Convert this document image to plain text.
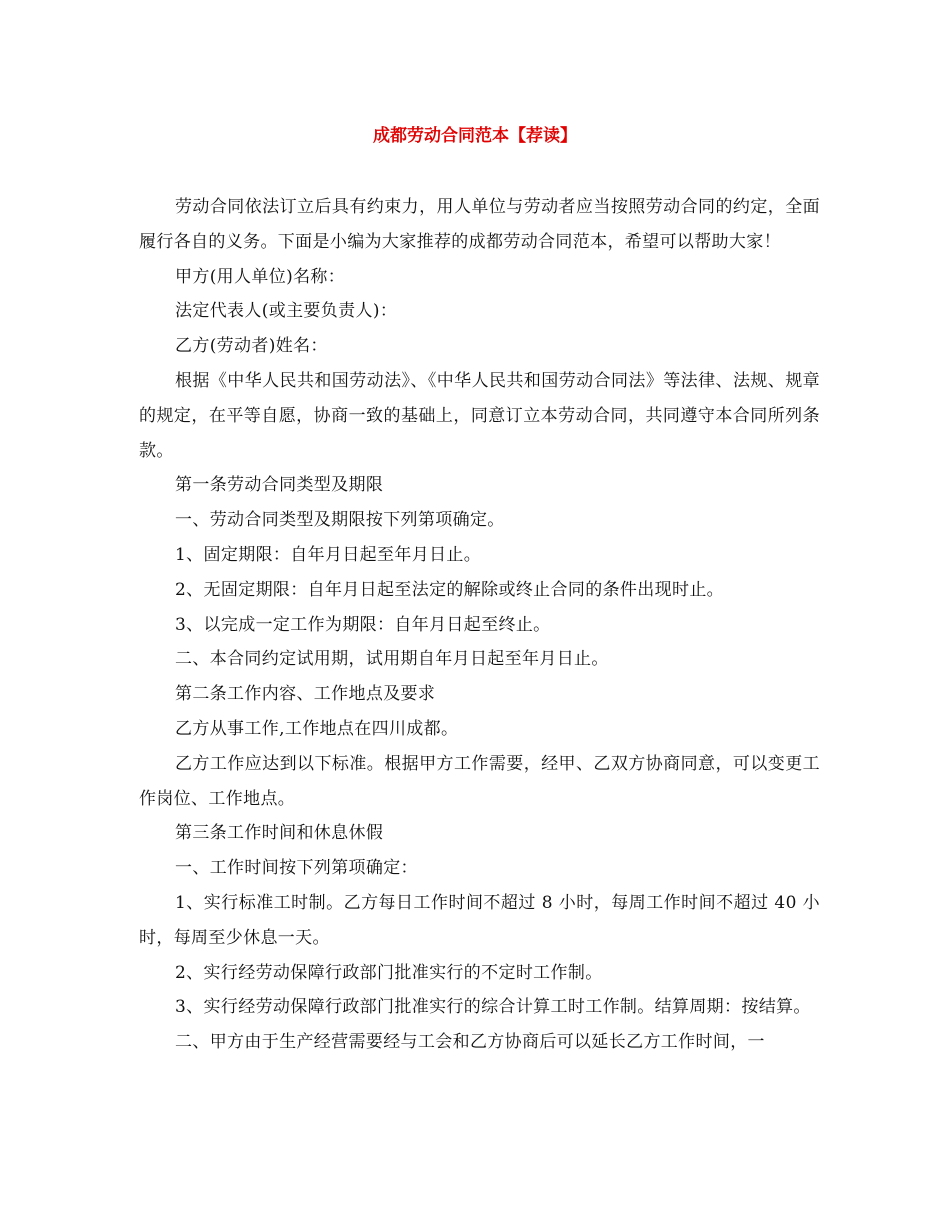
成都劳动合同范本【荐读】

劳动合同依法订立后具有约束力，用人单位与劳动者应当按照劳动合同的约定，全面履行各自的义务。下面是小编为大家推荐的成都劳动合同范本，希望可以帮助大家！

甲方(用人单位)名称：

法定代表人(或主要负责人)：

乙方(劳动者)姓名：

根据《中华人民共和国劳动法》、《中华人民共和国劳动合同法》等法律、法规、规章的规定，在平等自愿，协商一致的基础上，同意订立本劳动合同，共同遵守本合同所列条款。

第一条劳动合同类型及期限

一、劳动合同类型及期限按下列第项确定。

1、固定期限：自年月日起至年月日止。

2、无固定期限：自年月日起至法定的解除或终止合同的条件出现时止。

3、以完成一定工作为期限：自年月日起至终止。

二、本合同约定试用期，试用期自年月日起至年月日止。

第二条工作内容、工作地点及要求

乙方从事工作,工作地点在四川成都。

乙方工作应达到以下标准。根据甲方工作需要，经甲、乙双方协商同意，可以变更工作岗位、工作地点。

第三条工作时间和休息休假

一、工作时间按下列第项确定：

1、实行标准工时制。乙方每日工作时间不超过 8 小时，每周工作时间不超过 40 小时，每周至少休息一天。

2、实行经劳动保障行政部门批准实行的不定时工作制。

3、实行经劳动保障行政部门批准实行的综合计算工时工作制。结算周期：按结算。

二、甲方由于生产经营需要经与工会和乙方协商后可以延长乙方工作时间，一
